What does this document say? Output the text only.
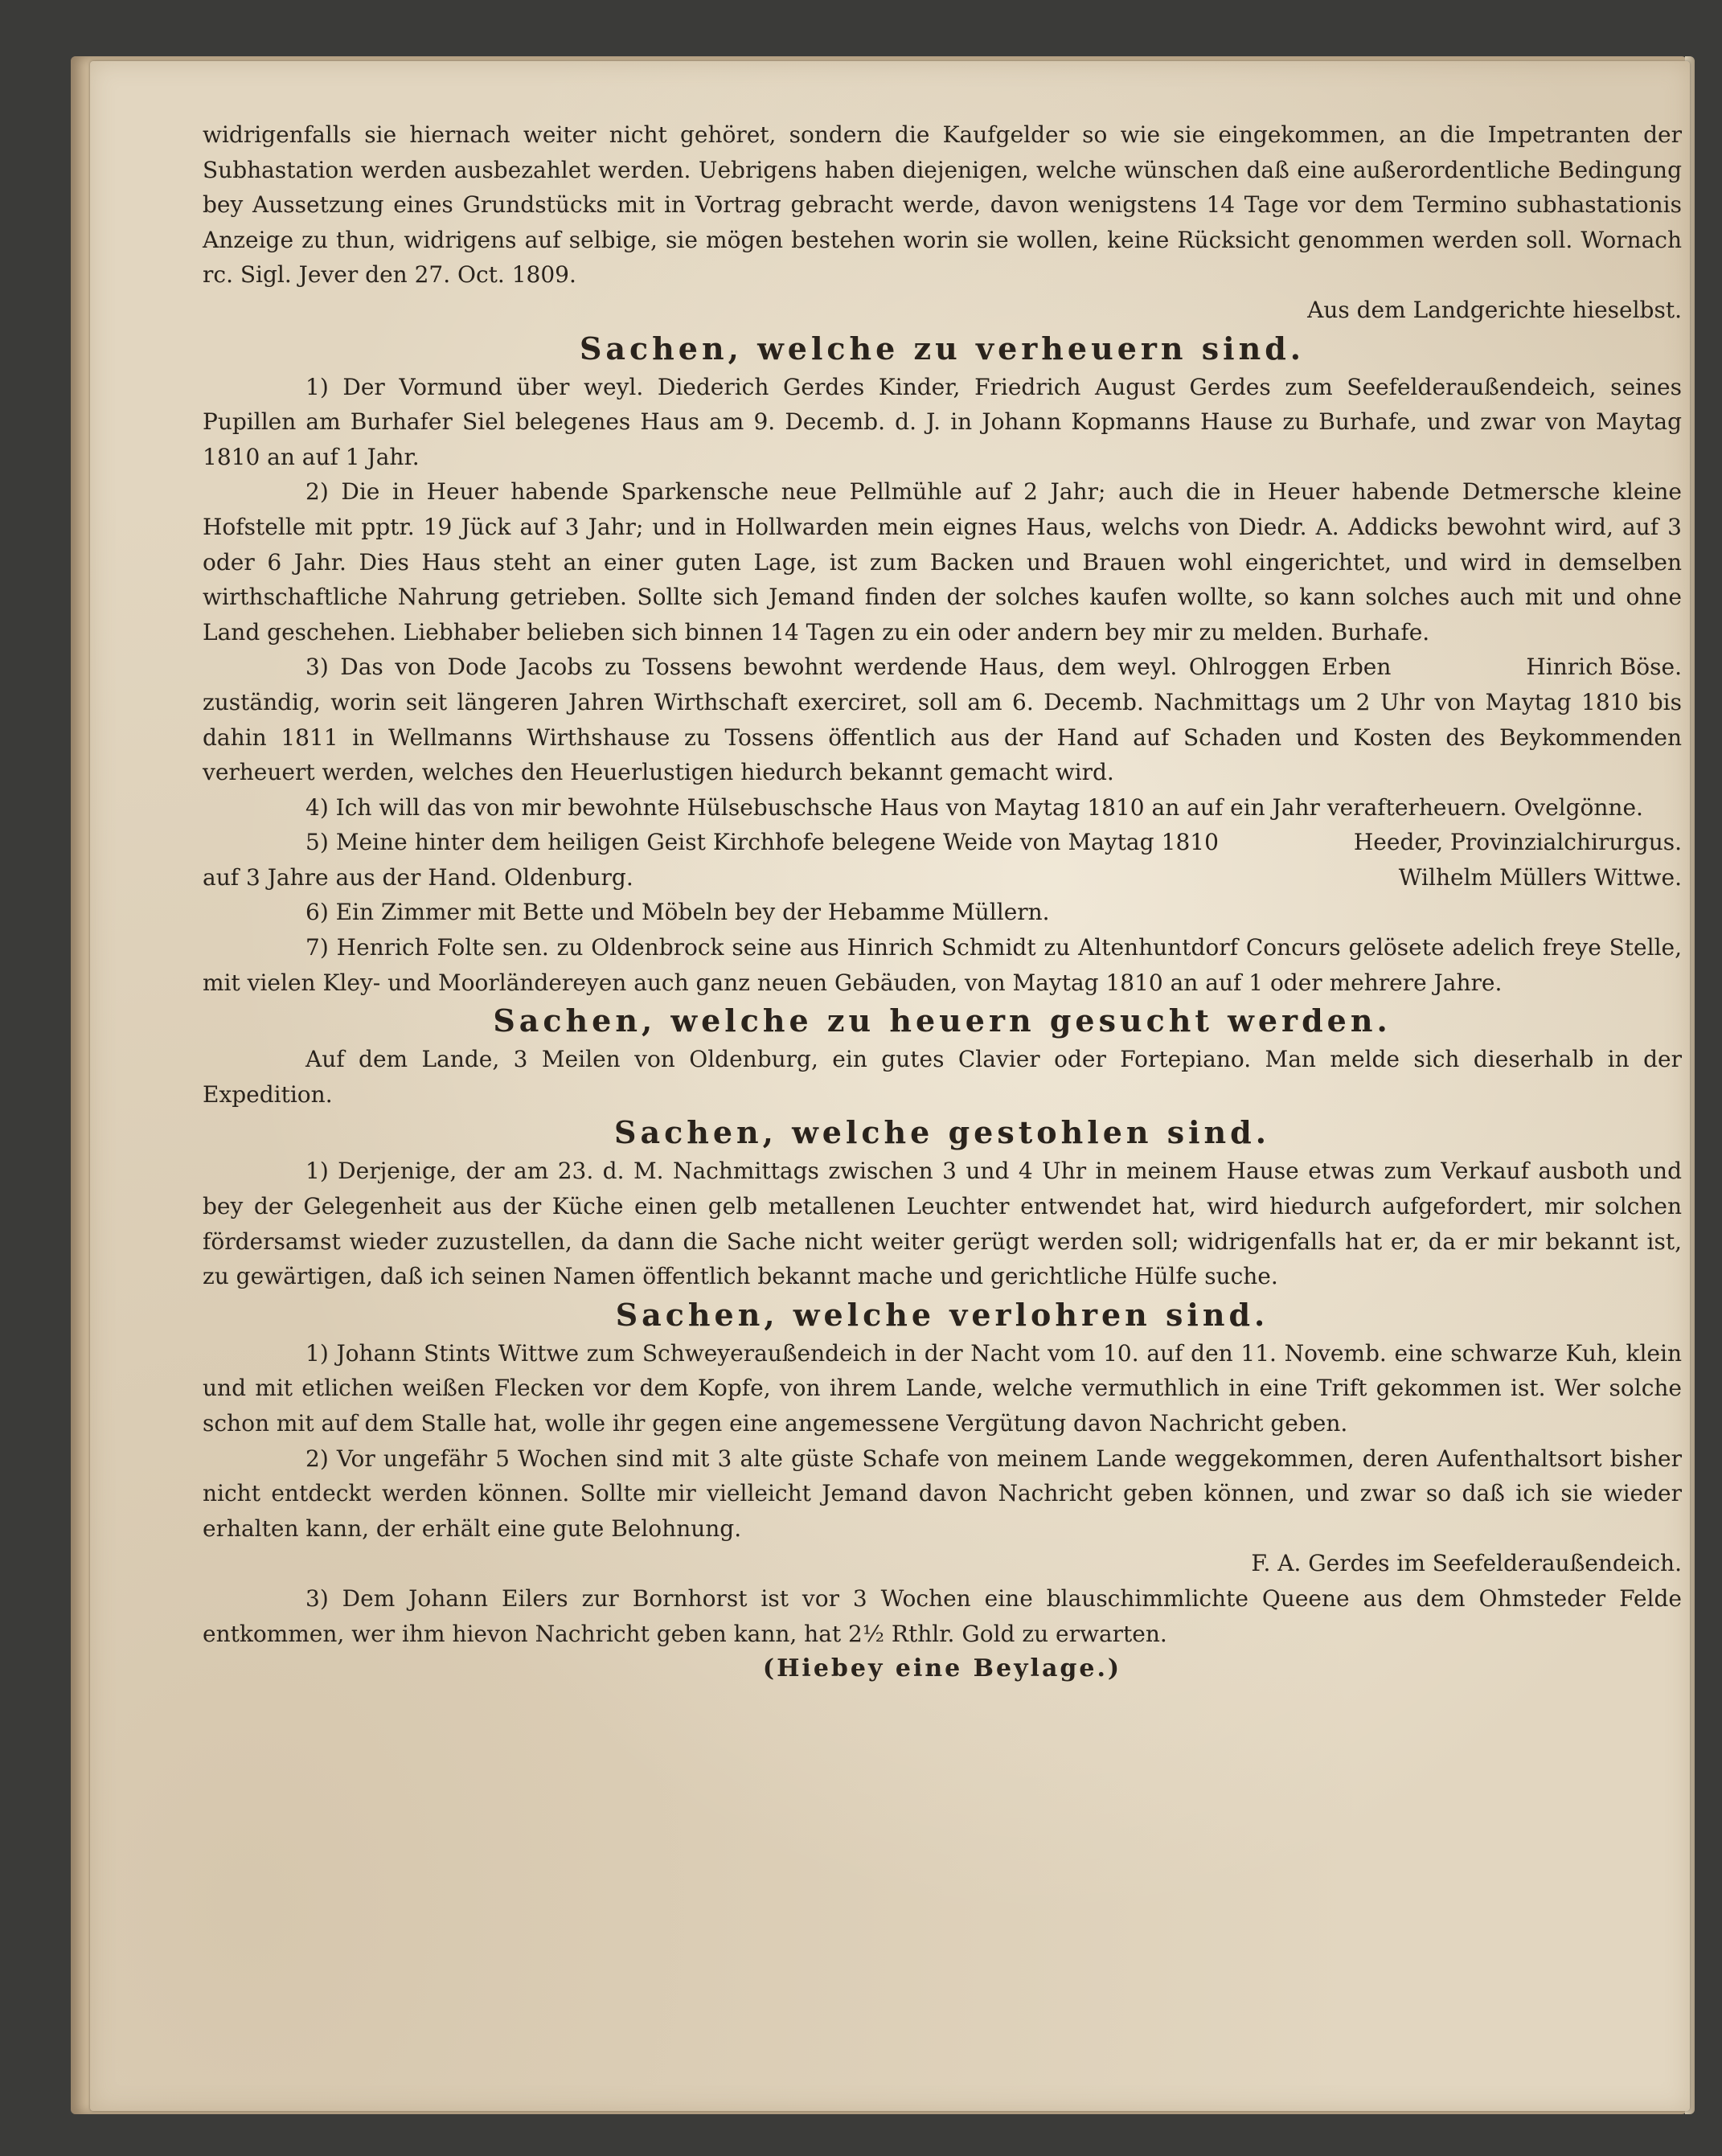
widrigenfalls sie hiernach weiter nicht gehöret, sondern die Kaufgelder so wie sie eingekommen, an die Impetranten der Subhastation werden ausbezahlet werden. Uebrigens haben diejenigen, welche wünschen daß eine außerordentliche Bedingung bey Aussetzung eines Grundstücks mit in Vortrag gebracht werde, davon wenigstens 14 Tage vor dem Termino subhastationis Anzeige zu thun, widrigens auf selbige, sie mögen bestehen worin sie wollen, keine Rücksicht genommen werden soll. Wornach rc. Sigl. Jever den 27. Oct. 1809.

Aus dem Landgerichte hieselbst.

Sachen, welche zu verheuern sind.

1) Der Vormund über weyl. Diederich Gerdes Kinder, Friedrich August Gerdes zum Seefelderaußendeich, seines Pupillen am Burhafer Siel belegenes Haus am 9. Decemb. d. J. in Johann Kopmanns Hause zu Burhafe, und zwar von Maytag 1810 an auf 1 Jahr.

2) Die in Heuer habende Sparkensche neue Pellmühle auf 2 Jahr; auch die in Heuer habende Detmersche kleine Hofstelle mit pptr. 19 Jück auf 3 Jahr; und in Hollwarden mein eignes Haus, welchs von Diedr. A. Addicks bewohnt wird, auf 3 oder 6 Jahr. Dies Haus steht an einer guten Lage, ist zum Backen und Brauen wohl eingerichtet, und wird in demselben wirthschaftliche Nahrung getrieben. Sollte sich Jemand finden der solches kaufen wollte, so kann solches auch mit und ohne Land geschehen. Liebhaber belieben sich binnen 14 Tagen zu ein oder andern bey mir zu melden. Burhafe.
Hinrich Böse.

3) Das von Dode Jacobs zu Tossens bewohnt werdende Haus, dem weyl. Ohlroggen Erben zuständig, worin seit längeren Jahren Wirthschaft exerciret, soll am 6. Decemb. Nachmittags um 2 Uhr von Maytag 1810 bis dahin 1811 in Wellmanns Wirthshause zu Tossens öffentlich aus der Hand auf Schaden und Kosten des Beykommenden verheuert werden, welches den Heuerlustigen hiedurch bekannt gemacht wird.

4) Ich will das von mir bewohnte Hülsebuschsche Haus von Maytag 1810 an auf ein Jahr verafterheuern. Ovelgönne.
Heeder, Provinzialchirurgus.

5) Meine hinter dem heiligen Geist Kirchhofe belegene Weide von Maytag 1810 auf 3 Jahre aus der Hand. Oldenburg.	Wilhelm Müllers Wittwe.

6) Ein Zimmer mit Bette und Möbeln bey der Hebamme Müllern.

7) Henrich Folte sen. zu Oldenbrock seine aus Hinrich Schmidt zu Altenhuntdorf Concurs gelösete adelich freye Stelle, mit vielen Kley- und Moorländereyen auch ganz neuen Gebäuden, von Maytag 1810 an auf 1 oder mehrere Jahre.

Sachen, welche zu heuern gesucht werden.

Auf dem Lande, 3 Meilen von Oldenburg, ein gutes Clavier oder Fortepiano. Man melde sich dieserhalb in der Expedition.

Sachen, welche gestohlen sind.

1) Derjenige, der am 23. d. M. Nachmittags zwischen 3 und 4 Uhr in meinem Hause etwas zum Verkauf ausboth und bey der Gelegenheit aus der Küche einen gelb metallenen Leuchter entwendet hat, wird hiedurch aufgefordert, mir solchen fördersamst wieder zuzustellen, da dann die Sache nicht weiter gerügt werden soll; widrigenfalls hat er, da er mir bekannt ist, zu gewärtigen, daß ich seinen Namen öffentlich bekannt mache und gerichtliche Hülfe suche.

Sachen, welche verlohren sind.

1) Johann Stints Wittwe zum Schweyeraußendeich in der Nacht vom 10. auf den 11. Novemb. eine schwarze Kuh, klein und mit etlichen weißen Flecken vor dem Kopfe, von ihrem Lande, welche vermuthlich in eine Trift gekommen ist. Wer solche schon mit auf dem Stalle hat, wolle ihr gegen eine angemessene Vergütung davon Nachricht geben.

2) Vor ungefähr 5 Wochen sind mit 3 alte güste Schafe von meinem Lande weggekommen, deren Aufenthaltsort bisher nicht entdeckt werden können. Sollte mir vielleicht Jemand davon Nachricht geben können, und zwar so daß ich sie wieder erhalten kann, der erhält eine gute Belohnung.

F. A. Gerdes im Seefelderaußendeich.

3) Dem Johann Eilers zur Bornhorst ist vor 3 Wochen eine blauschimmlichte Queene aus dem Ohmsteder Felde entkommen, wer ihm hievon Nachricht geben kann, hat 2½ Rthlr. Gold zu erwarten.

(Hiebey eine Beylage.)
